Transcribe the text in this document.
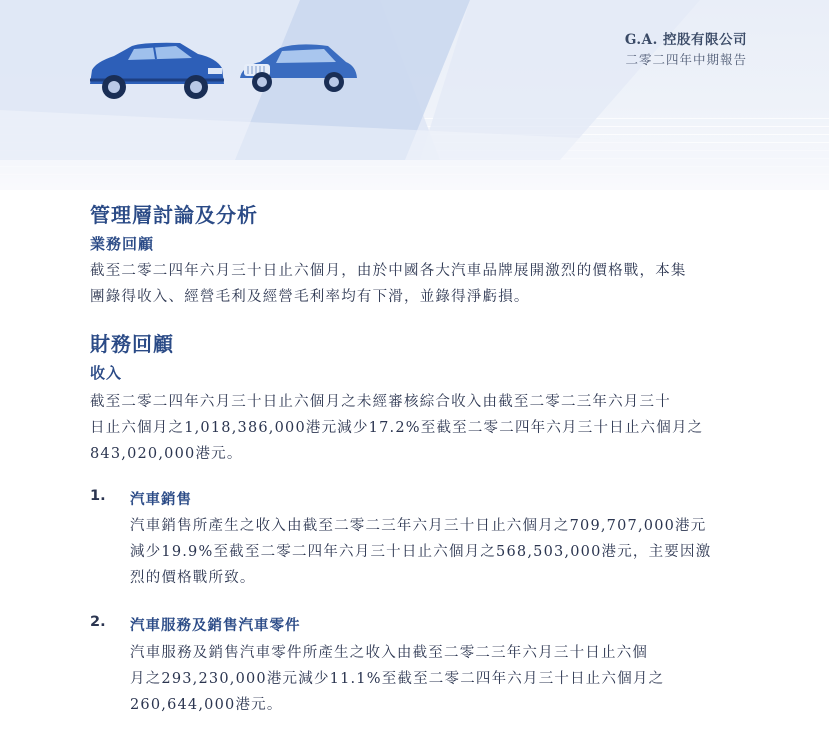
G.A. 控股有限公司
二零二四年中期報告
管理層討論及分析
業務回顧
截至二零二四年六月三十日止六個月，由於中國各大汽車品牌展開激烈的價格戰，本集
團錄得收入、經營毛利及經營毛利率均有下滑，並錄得淨虧損。
財務回顧
收入
截至二零二四年六月三十日止六個月之未經審核綜合收入由截至二零二三年六月三十
日止六個月之1,018,386,000港元減少17.2%至截至二零二四年六月三十日止六個月之
843,020,000港元。
1. 汽車銷售
汽車銷售所產生之收入由截至二零二三年六月三十日止六個月之709,707,000港元
減少19.9%至截至二零二四年六月三十日止六個月之568,503,000港元，主要因激
烈的價格戰所致。
2. 汽車服務及銷售汽車零件
汽車服務及銷售汽車零件所產生之收入由截至二零二三年六月三十日止六個
月之293,230,000港元減少11.1%至截至二零二四年六月三十日止六個月之
260,644,000港元。
